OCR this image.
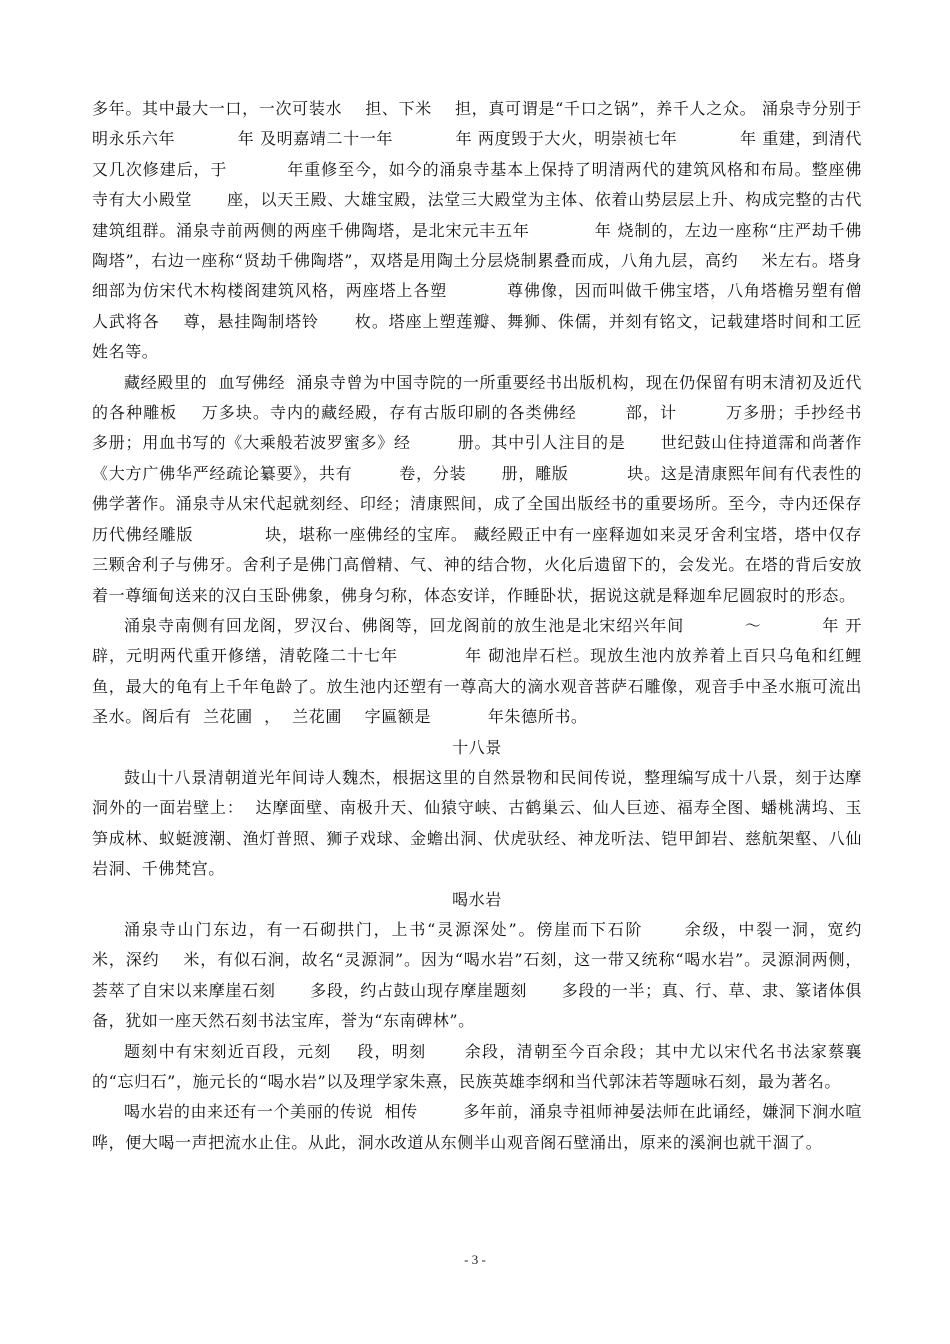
多年。其中最大一口，一次可装水    担、下米    担，真可谓是“千口之锅”，养千人之众。 涌泉寺分别于明永乐六年           年 及明嘉靖二十一年           年 两度毁于大火，明崇祯七年           年 重建，到清代又几次修建后，于          年重修至今，如今的涌泉寺基本上保持了明清两代的建筑风格和布局。整座佛寺有大小殿堂      座，以天王殿、大雄宝殿，法堂三大殿堂为主体、依着山势层层上升、构成完整的古代建筑组群。涌泉寺前两侧的两座千佛陶塔，是北宋元丰五年           年 烧制的，左边一座称“庄严劫千佛陶塔”，右边一座称“贤劫千佛陶塔”，双塔是用陶土分层烧制累叠而成，八角九层，高约    米左右。塔身细部为仿宋代木构楼阁建筑风格，两座塔上各塑          尊佛像，因而叫做千佛宝塔，八角塔檐另塑有僧人武将各    尊，悬挂陶制塔铃      枚。塔座上塑莲瓣、舞狮、侏儒，并刻有铭文，记载建塔时间和工匠姓名等。

藏经殿里的  血写佛经  涌泉寺曾为中国寺院的一所重要经书出版机构，现在仍保留有明末清初及近代的各种雕板    万多块。寺内的藏经殿，存有古版印刷的各类佛经        部，计        万多册；手抄经书          多册；用血书写的《大乘般若波罗蜜多》经        册。其中引人注目的是      世纪鼓山住持道霈和尚著作《大方广佛华严经疏论纂要》，共有        卷，分装      册，雕版          块。这是清康熙年间有代表性的佛学著作。涌泉寺从宋代起就刻经、印经；清康熙间，成了全国出版经书的重要场所。至今，寺内还保存历代佛经雕版            块，堪称一座佛经的宝库。 藏经殿正中有一座释迦如来灵牙舍利宝塔，塔中仅存三颗舍利子与佛牙。舍利子是佛门高僧精、气、神的结合物，火化后遗留下的，会发光。在塔的背后安放着一尊缅甸送来的汉白玉卧佛象，佛身匀称，体态安详，作睡卧状，据说这就是释迦牟尼圆寂时的形态。

涌泉寺南侧有回龙阁，罗汉台、佛阁等，回龙阁前的放生池是北宋绍兴年间          ～          年 开辟，元明两代重开修缮，清乾隆二十七年           年 砌池岸石栏。现放生池内放养着上百只乌龟和红鲤鱼，最大的龟有上千年龟龄了。放生池内还塑有一尊高大的滴水观音菩萨石雕像，观音手中圣水瓶可流出圣水。阁后有  兰花圃  ，  兰花圃    字匾额是          年朱德所书。

十八景

鼓山十八景清朝道光年间诗人魏杰，根据这里的自然景物和民间传说，整理编写成十八景，刻于达摩洞外的一面岩壁上：  达摩面壁、南极升天、仙猿守峡、古鹤巢云、仙人巨迹、福寿全图、蟠桃满坞、玉笋成林、蚁蜓渡潮、渔灯普照、狮子戏球、金蟾出洞、伏虎驮经、神龙听法、铠甲卸岩、慈航架壑、八仙岩洞、千佛梵宫。

喝水岩

涌泉寺山门东边，有一石砌拱门，上书“灵源深处”。傍崖而下石阶      余级，中裂一洞，宽约    米，深约    米，有似石涧，故名“灵源洞”。因为“喝水岩”石刻，这一带又统称“喝水岩”。灵源洞两侧，荟萃了自宋以来摩崖石刻      多段，约占鼓山现存摩崖题刻      多段的一半；真、行、草、隶、篆诸体俱备，犹如一座天然石刻书法宝库，誉为“东南碑林”。

题刻中有宋刻近百段，元刻    段，明刻      余段，清朝至今百余段；其中尤以宋代名书法家蔡襄的“忘归石”，施元长的“喝水岩”以及理学家朱熹，民族英雄李纲和当代郭沫若等题咏石刻，最为著名。

喝水岩的由来还有一个美丽的传说  相传        多年前，涌泉寺祖师神晏法师在此诵经，嫌洞下涧水喧哗，便大喝一声把流水止住。从此，洞水改道从东侧半山观音阁石壁涌出，原来的溪涧也就干涸了。

- 3 -
